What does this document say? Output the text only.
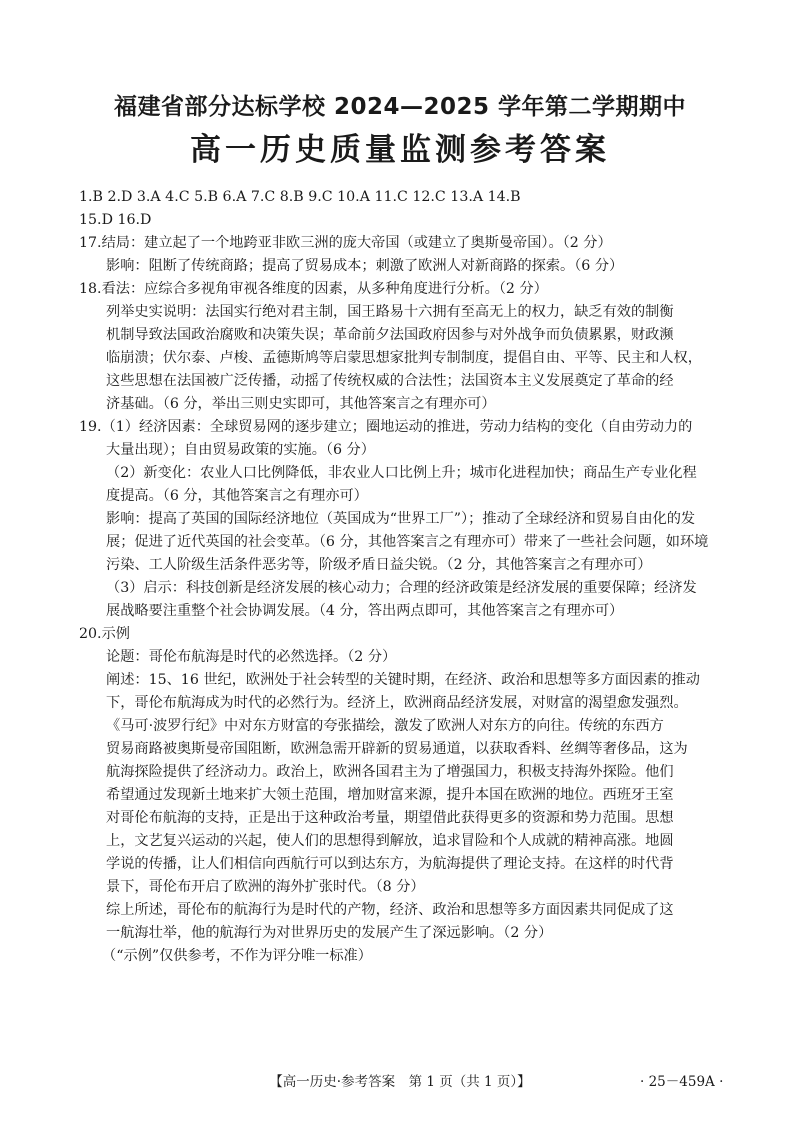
福建省部分达标学校 2024—2025 学年第二学期期中
高一历史质量监测参考答案
1.B 2.D 3.A 4.C 5.B 6.A 7.C 8.B 9.C 10.A 11.C 12.C 13.A 14.B
15.D 16.D
17.结局：建立起了一个地跨亚非欧三洲的庞大帝国（或建立了奥斯曼帝国）。（2 分）
影响：阻断了传统商路；提高了贸易成本；刺激了欧洲人对新商路的探索。（6 分）
18.看法：应综合多视角审视各维度的因素，从多种角度进行分析。（2 分）
列举史实说明：法国实行绝对君主制，国王路易十六拥有至高无上的权力，缺乏有效的制衡
机制导致法国政治腐败和决策失误；革命前夕法国政府因参与对外战争而负债累累，财政濒
临崩溃；伏尔泰、卢梭、孟德斯鸠等启蒙思想家批判专制制度，提倡自由、平等、民主和人权，
这些思想在法国被广泛传播，动摇了传统权威的合法性；法国资本主义发展奠定了革命的经
济基础。（6 分，举出三则史实即可，其他答案言之有理亦可）
19.（1）经济因素：全球贸易网的逐步建立；圈地运动的推进，劳动力结构的变化（自由劳动力的
大量出现）；自由贸易政策的实施。（6 分）
（2）新变化：农业人口比例降低，非农业人口比例上升；城市化进程加快；商品生产专业化程
度提高。（6 分，其他答案言之有理亦可）
影响：提高了英国的国际经济地位（英国成为“世界工厂”）；推动了全球经济和贸易自由化的发
展；促进了近代英国的社会变革。（6 分，其他答案言之有理亦可）带来了一些社会问题，如环境
污染、工人阶级生活条件恶劣等，阶级矛盾日益尖锐。（2 分，其他答案言之有理亦可）
（3）启示：科技创新是经济发展的核心动力；合理的经济政策是经济发展的重要保障；经济发
展战略要注重整个社会协调发展。（4 分，答出两点即可，其他答案言之有理亦可）
20.示例
论题：哥伦布航海是时代的必然选择。（2 分）
阐述：15、16 世纪，欧洲处于社会转型的关键时期，在经济、政治和思想等多方面因素的推动
下，哥伦布航海成为时代的必然行为。经济上，欧洲商品经济发展，对财富的渴望愈发强烈。
《马可·波罗行纪》中对东方财富的夸张描绘，激发了欧洲人对东方的向往。传统的东西方
贸易商路被奥斯曼帝国阻断，欧洲急需开辟新的贸易通道，以获取香料、丝绸等奢侈品，这为
航海探险提供了经济动力。政治上，欧洲各国君主为了增强国力，积极支持海外探险。他们
希望通过发现新土地来扩大领土范围，增加财富来源，提升本国在欧洲的地位。西班牙王室
对哥伦布航海的支持，正是出于这种政治考量，期望借此获得更多的资源和势力范围。思想
上，文艺复兴运动的兴起，使人们的思想得到解放，追求冒险和个人成就的精神高涨。地圆
学说的传播，让人们相信向西航行可以到达东方，为航海提供了理论支持。在这样的时代背
景下，哥伦布开启了欧洲的海外扩张时代。（8 分）
综上所述，哥伦布的航海行为是时代的产物，经济、政治和思想等多方面因素共同促成了这
一航海壮举，他的航海行为对世界历史的发展产生了深远影响。（2 分）
（“示例”仅供参考，不作为评分唯一标准）
【高一历史·参考答案　第 1 页（共 1 页）】	· 25－459A ·
